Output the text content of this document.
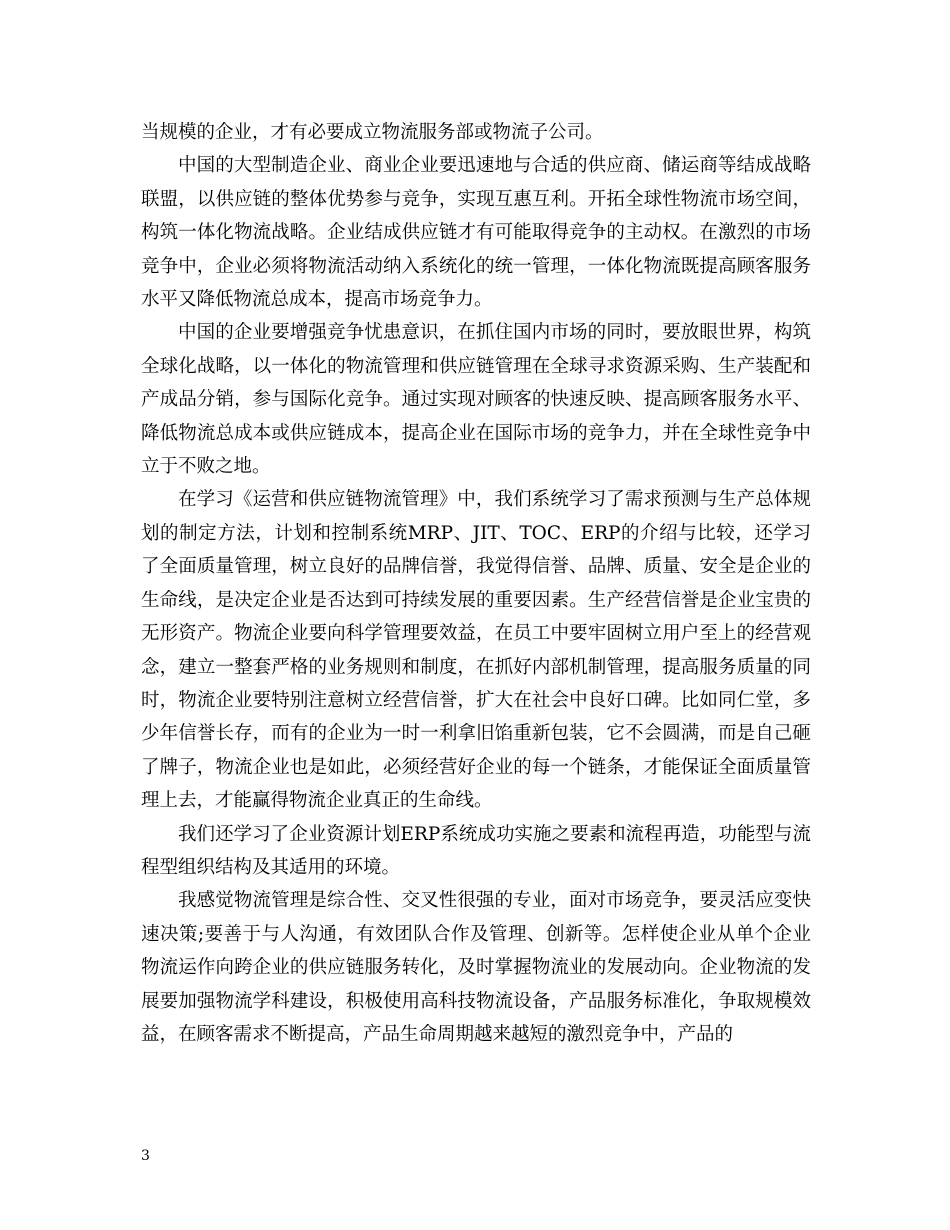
当规模的企业，才有必要成立物流服务部或物流子公司。

中国的大型制造企业、商业企业要迅速地与合适的供应商、储运商等结成战略联盟，以供应链的整体优势参与竞争，实现互惠互利。开拓全球性物流市场空间，构筑一体化物流战略。企业结成供应链才有可能取得竞争的主动权。在激烈的市场竞争中，企业必须将物流活动纳入系统化的统一管理，一体化物流既提高顾客服务水平又降低物流总成本，提高市场竞争力。

中国的企业要增强竞争忧患意识，在抓住国内市场的同时，要放眼世界，构筑全球化战略，以一体化的物流管理和供应链管理在全球寻求资源采购、生产装配和产成品分销，参与国际化竞争。通过实现对顾客的快速反映、提高顾客服务水平、降低物流总成本或供应链成本，提高企业在国际市场的竞争力，并在全球性竞争中立于不败之地。

在学习《运营和供应链物流管理》中，我们系统学习了需求预测与生产总体规划的制定方法，计划和控制系统MRP、JIT、TOC、ERP的介绍与比较，还学习了全面质量管理，树立良好的品牌信誉，我觉得信誉、品牌、质量、安全是企业的生命线，是决定企业是否达到可持续发展的重要因素。生产经营信誉是企业宝贵的无形资产。物流企业要向科学管理要效益，在员工中要牢固树立用户至上的经营观念，建立一整套严格的业务规则和制度，在抓好内部机制管理，提高服务质量的同时，物流企业要特别注意树立经营信誉，扩大在社会中良好口碑。比如同仁堂，多少年信誉长存，而有的企业为一时一利拿旧馅重新包装，它不会圆满，而是自己砸了牌子，物流企业也是如此，必须经营好企业的每一个链条，才能保证全面质量管理上去，才能赢得物流企业真正的生命线。

我们还学习了企业资源计划ERP系统成功实施之要素和流程再造，功能型与流程型组织结构及其适用的环境。

我感觉物流管理是综合性、交叉性很强的专业，面对市场竞争，要灵活应变快速决策;要善于与人沟通，有效团队合作及管理、创新等。怎样使企业从单个企业物流运作向跨企业的供应链服务转化，及时掌握物流业的发展动向。企业物流的发展要加强物流学科建设，积极使用高科技物流设备，产品服务标准化，争取规模效益，在顾客需求不断提高，产品生命周期越来越短的激烈竞争中，产品的

3
